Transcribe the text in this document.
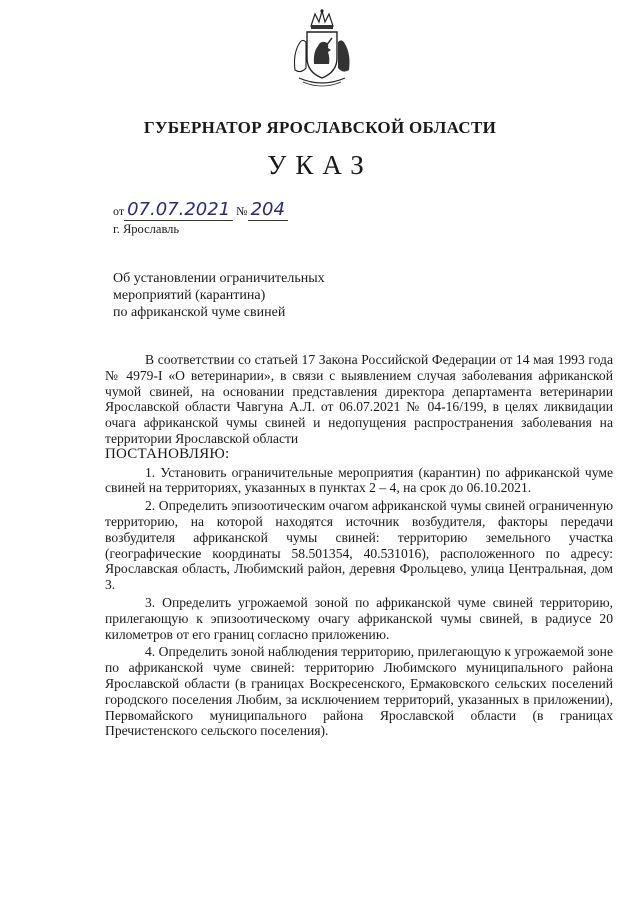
ГУБЕРНАТОР ЯРОСЛАВСКОЙ ОБЛАСТИ
УКАЗ
от 07.07.2021 № 204
г. Ярославль
Об установлении ограничительных
мероприятий (карантина)
по африканской чуме свиней

В соответствии со статьей 17 Закона Российской Федерации от 14 мая 1993 года № 4979-I «О ветеринарии», в связи с выявлением случая заболевания африканской чумой свиней, на основании представления директора департамента ветеринарии Ярославской области Чавгуна А.Л. от 06.07.2021 № 04-16/199, в целях ликвидации очага африканской чумы свиней и недопущения распространения заболевания на территории Ярославской области

ПОСТАНОВЛЯЮ:

1. Установить ограничительные мероприятия (карантин) по африканской чуме свиней на территориях, указанных в пунктах 2 – 4, на срок до 06.10.2021.

2. Определить эпизоотическим очагом африканской чумы свиней ограниченную территорию, на которой находятся источник возбудителя, факторы передачи возбудителя африканской чумы свиней: территорию земельного участка (географические координаты 58.501354, 40.531016), расположенного по адресу: Ярославская область, Любимский район, деревня Фрольцево, улица Центральная, дом 3.

3. Определить угрожаемой зоной по африканской чуме свиней территорию, прилегающую к эпизоотическому очагу африканской чумы свиней, в радиусе 20 километров от его границ согласно приложению.

4. Определить зоной наблюдения территорию, прилегающую к угрожаемой зоне по африканской чуме свиней: территорию Любимского муниципального района Ярославской области (в границах Воскресенского, Ермаковского сельских поселений городского поселения Любим, за исключением территорий, указанных в приложении), Первомайского муниципального района Ярославской области (в границах Пречистенского сельского поселения).
